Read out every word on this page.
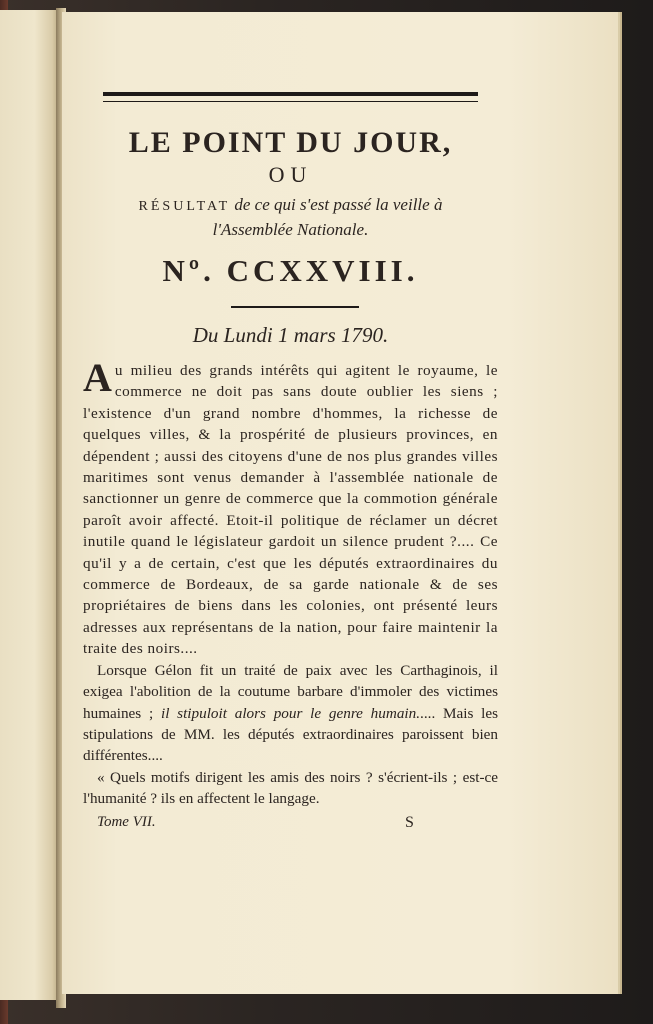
LE POINT DU JOUR,
OU
RÉSULTAT de ce qui s'est passé la veille à
l'Assemblée Nationale.
Nº. CCXXVIII.
Du Lundi 1 mars 1790.

Au milieu des grands intérêts qui agitent le royaume, le commerce ne doit pas sans doute oublier les siens ; l'existence d'un grand nombre d'hommes, la richesse de quelques villes, & la prospérité de plusieurs provinces, en dépendent ; aussi des citoyens d'une de nos plus grandes villes maritimes sont venus demander à l'assemblée nationale de sanctionner un genre de commerce que la commotion générale paroît avoir affecté. Etoit-il politique de réclamer un décret inutile quand le législateur gardoit un silence prudent ?.... Ce qu'il y a de certain, c'est que les députés extraordinaires du commerce de Bordeaux, de sa garde nationale & de ses propriétaires de biens dans les colonies, ont présenté leurs adresses aux représentans de la nation, pour faire maintenir la traite des noirs....

Lorsque Gélon fit un traité de paix avec les Carthaginois, il exigea l'abolition de la coutume barbare d'immoler des victimes humaines ; il stipuloit alors pour le genre humain..... Mais les stipulations de MM. les députés extraordinaires paroissent bien différentes....

« Quels motifs dirigent les amis des noirs ? s'écrient-ils ; est-ce l'humanité ? ils en affectent le langage.

Tome VII.	S
